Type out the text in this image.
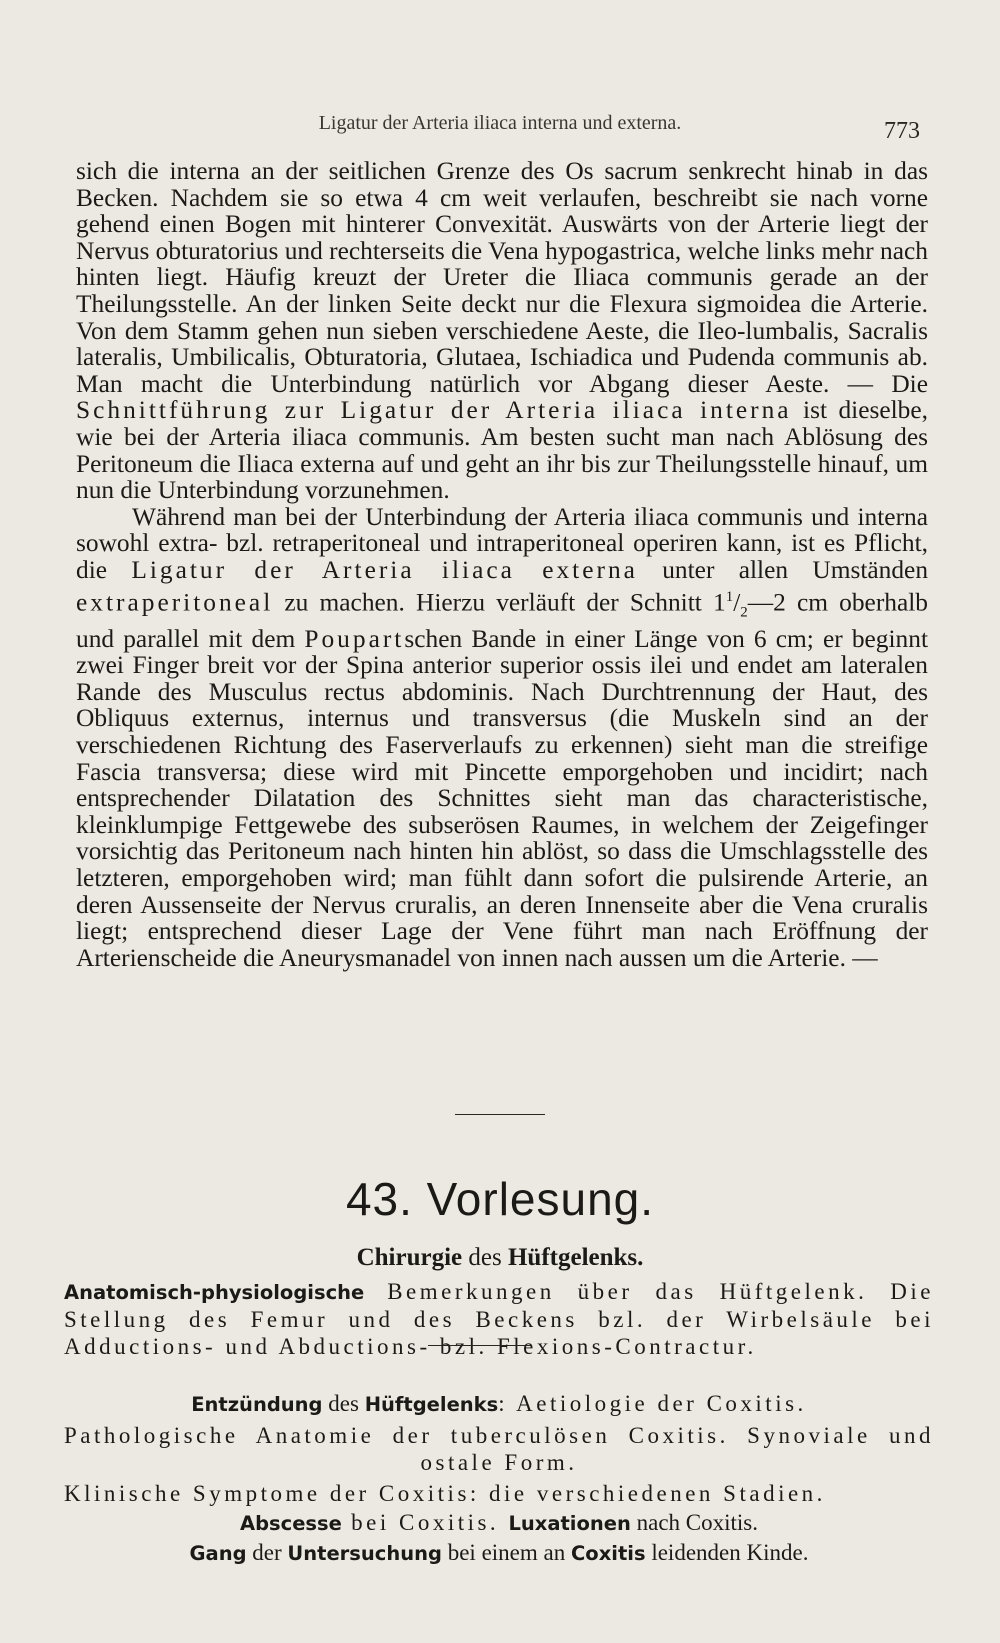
Ligatur der Arteria iliaca interna und externa.	773

sich die interna an der seitlichen Grenze des Os sacrum senkrecht hinab in das Becken. Nachdem sie so etwa 4 cm weit verlaufen, beschreibt sie nach vorne gehend einen Bogen mit hinterer Convexität. Auswärts von der Arterie liegt der Nervus obturatorius und rechterseits die Vena hypogastrica, welche links mehr nach hinten liegt. Häufig kreuzt der Ureter die Iliaca communis gerade an der Theilungsstelle. An der linken Seite deckt nur die Flexura sigmoidea die Arterie. Von dem Stamm gehen nun sieben verschiedene Aeste, die Ileo-lumbalis, Sacralis lateralis, Umbilicalis, Obturatoria, Glutaea, Ischiadica und Pudenda communis ab. Man macht die Unterbindung natürlich vor Abgang dieser Aeste. — Die Schnittführung zur Ligatur der Arteria iliaca interna ist dieselbe, wie bei der Arteria iliaca communis. Am besten sucht man nach Ablösung des Peritoneum die Iliaca externa auf und geht an ihr bis zur Theilungsstelle hinauf, um nun die Unterbindung vorzunehmen.

Während man bei der Unterbindung der Arteria iliaca communis und interna sowohl extra- bzl. retraperitoneal und intraperitoneal operiren kann, ist es Pflicht, die Ligatur der Arteria iliaca externa unter allen Umständen extraperitoneal zu machen. Hierzu verläuft der Schnitt $1^1/_2—2$ cm oberhalb und parallel mit dem Poupartschen Bande in einer Länge von 6 cm; er beginnt zwei Finger breit vor der Spina anterior superior ossis ilei und endet am lateralen Rande des Musculus rectus abdominis. Nach Durchtrennung der Haut, des Obliquus externus, internus und transversus (die Muskeln sind an der verschiedenen Richtung des Faserverlaufs zu erkennen) sieht man die streifige Fascia transversa; diese wird mit Pincette emporgehoben und incidirt; nach entsprechender Dilatation des Schnittes sieht man das characteristische, kleinklumpige Fettgewebe des subserösen Raumes, in welchem der Zeigefinger vorsichtig das Peritoneum nach hinten hin ablöst, so dass die Umschlagsstelle des letzteren, emporgehoben wird; man fühlt dann sofort die pulsirende Arterie, an deren Aussenseite der Nervus cruralis, an deren Innenseite aber die Vena cruralis liegt; entsprechend dieser Lage der Vene führt man nach Eröffnung der Arterienscheide die Aneurysmanadel von innen nach aussen um die Arterie. —

43. Vorlesung.
Chirurgie des Hüftgelenks.

Anatomisch-physiologische Bemerkungen über das Hüftgelenk. Die Stellung des Femur und des Beckens bzl. der Wirbelsäule bei Adductions- und Abductions- bzl. Flexions-Contractur.

Entzündung des Hüftgelenks: Aetiologie der Coxitis.

Pathologische Anatomie der tuberculösen Coxitis. Synoviale und ostale Form.

Klinische Symptome der Coxitis: die verschiedenen Stadien.

Abscesse bei Coxitis. Luxationen nach Coxitis.

Gang der Untersuchung bei einem an Coxitis leidenden Kinde.
